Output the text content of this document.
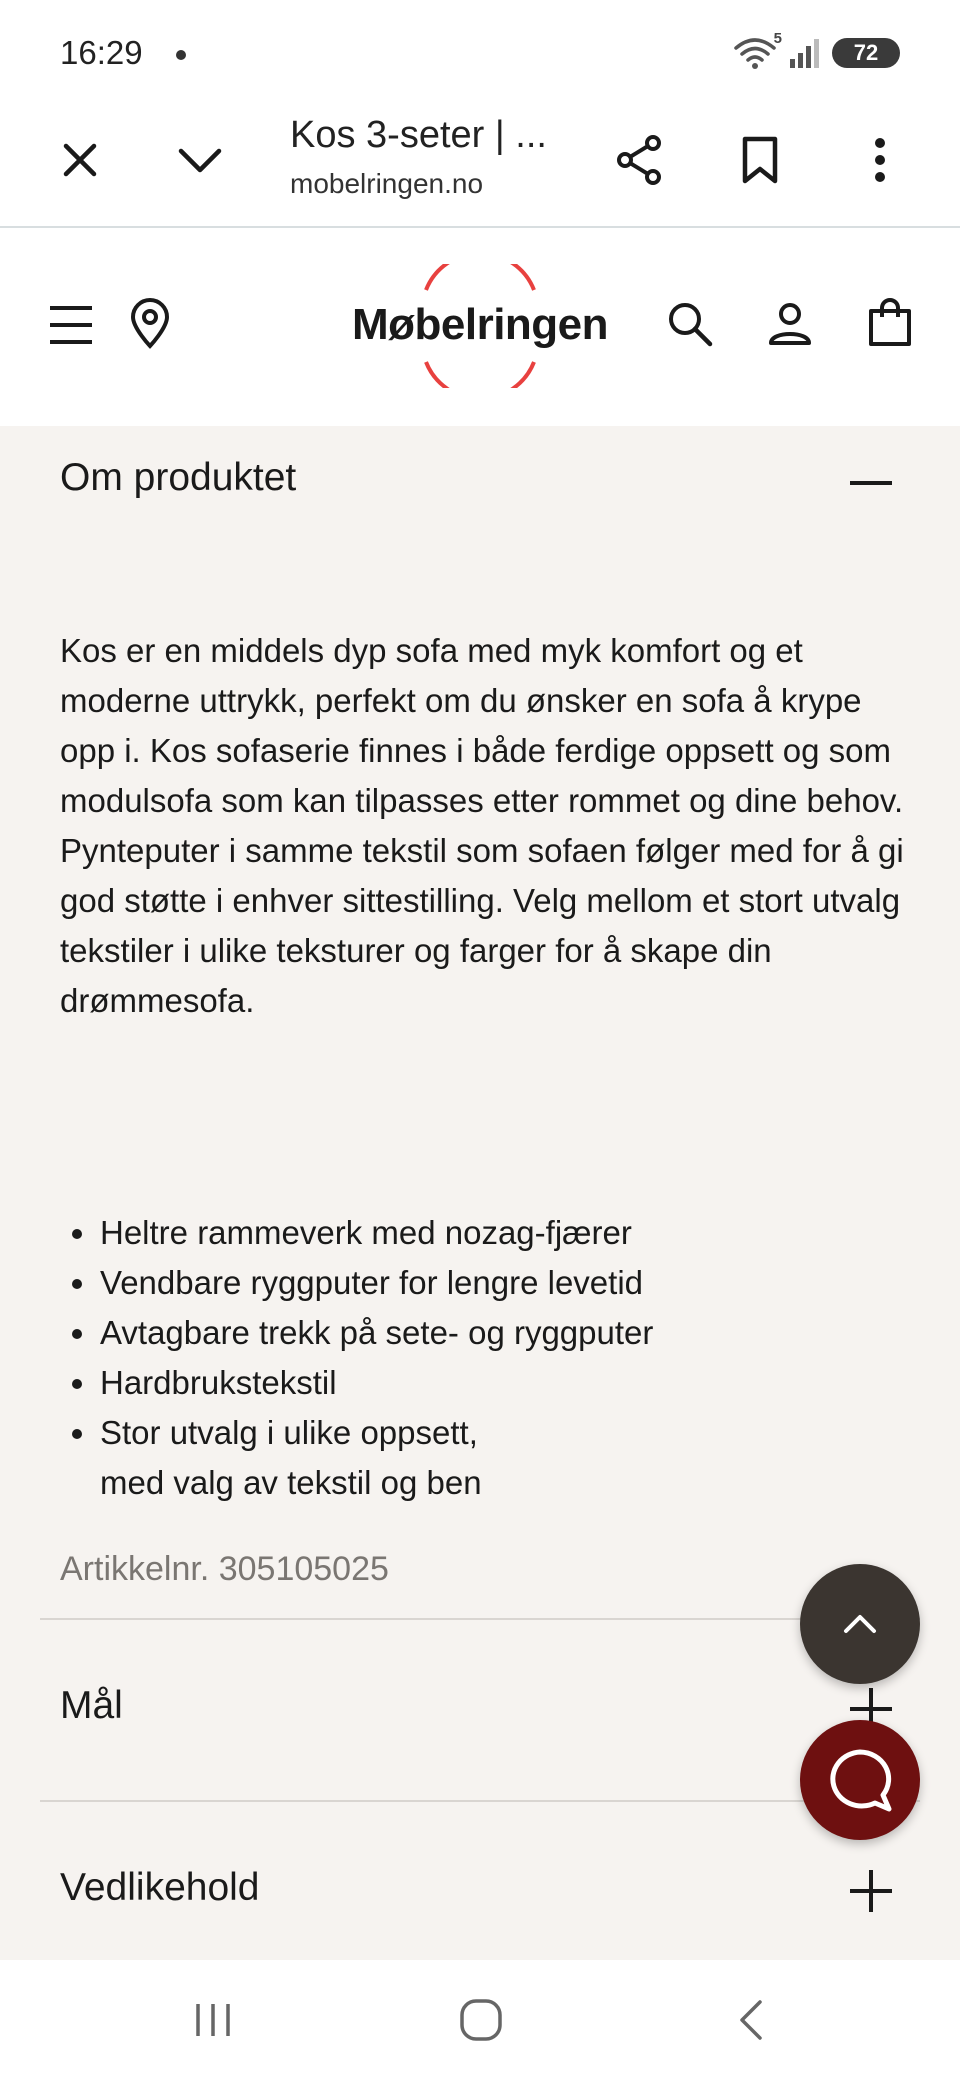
16:29	5
72
Kos 3-seter | ...
mobelringen.no
Møbelringen
Om produktet

Kos er en middels dyp sofa med myk komfort og et moderne uttrykk, perfekt om du ønsker en sofa å krype opp i. Kos sofaserie finnes i både ferdige oppsett og som modulsofa som kan tilpasses etter rommet og dine behov. Pynteputer i samme tekstil som sofaen følger med for å gi god støtte i enhver sittestilling. Velg mellom et stort utvalg tekstiler i ulike teksturer og farger for å skape din drømmesofa.

Heltre rammeverk med nozag-fjærer
Vendbare ryggputer for lengre levetid
Avtagbare trekk på sete- og ryggputer
Hardbrukstekstil
Stor utvalg i ulike oppsett,
med valg av tekstil og ben
Artikkelnr. 305105025
Mål
Vedlikehold
